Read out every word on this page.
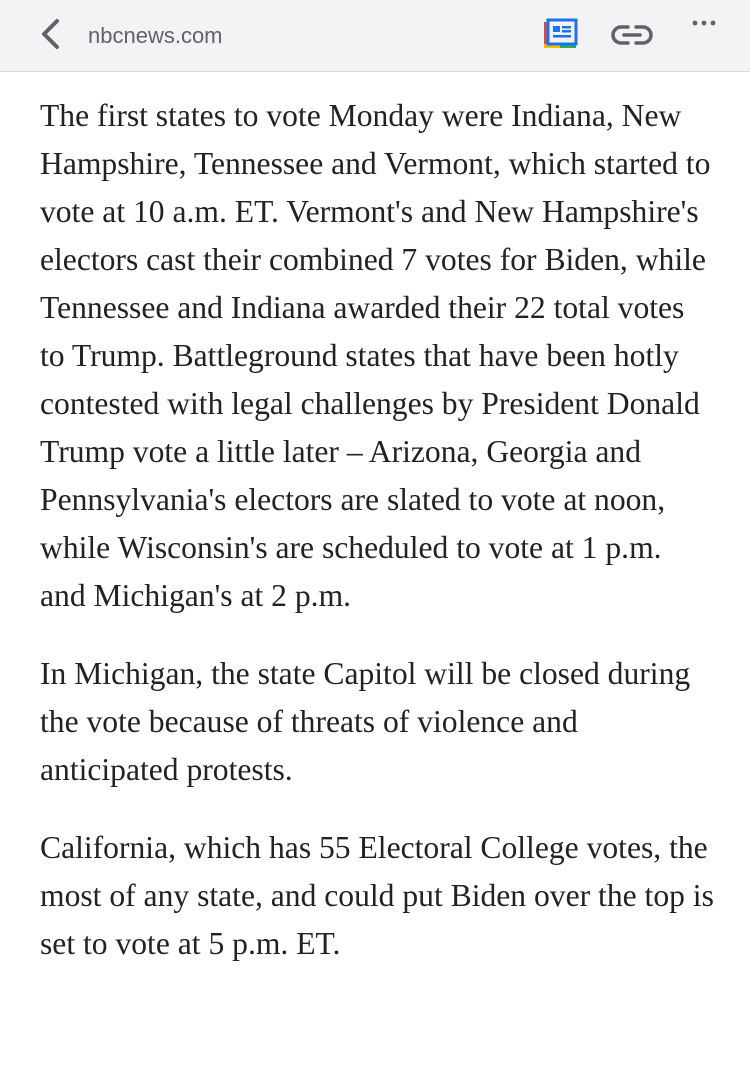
nbcnews.com

The first states to vote Monday were Indiana, New Hampshire, Tennessee and Vermont, which started to vote at 10 a.m. ET. Vermont's and New Hampshire's electors cast their combined 7 votes for Biden, while Tennessee and Indiana awarded their 22 total votes to Trump. Battleground states that have been hotly contested with legal challenges by President Donald Trump vote a little later – Arizona, Georgia and Pennsylvania's electors are slated to vote at noon, while Wisconsin's are scheduled to vote at 1 p.m. and Michigan's at 2 p.m.

In Michigan, the state Capitol will be closed during the vote because of threats of violence and anticipated protests.

California, which has 55 Electoral College votes, the most of any state, and could put Biden over the top is set to vote at 5 p.m. ET.
